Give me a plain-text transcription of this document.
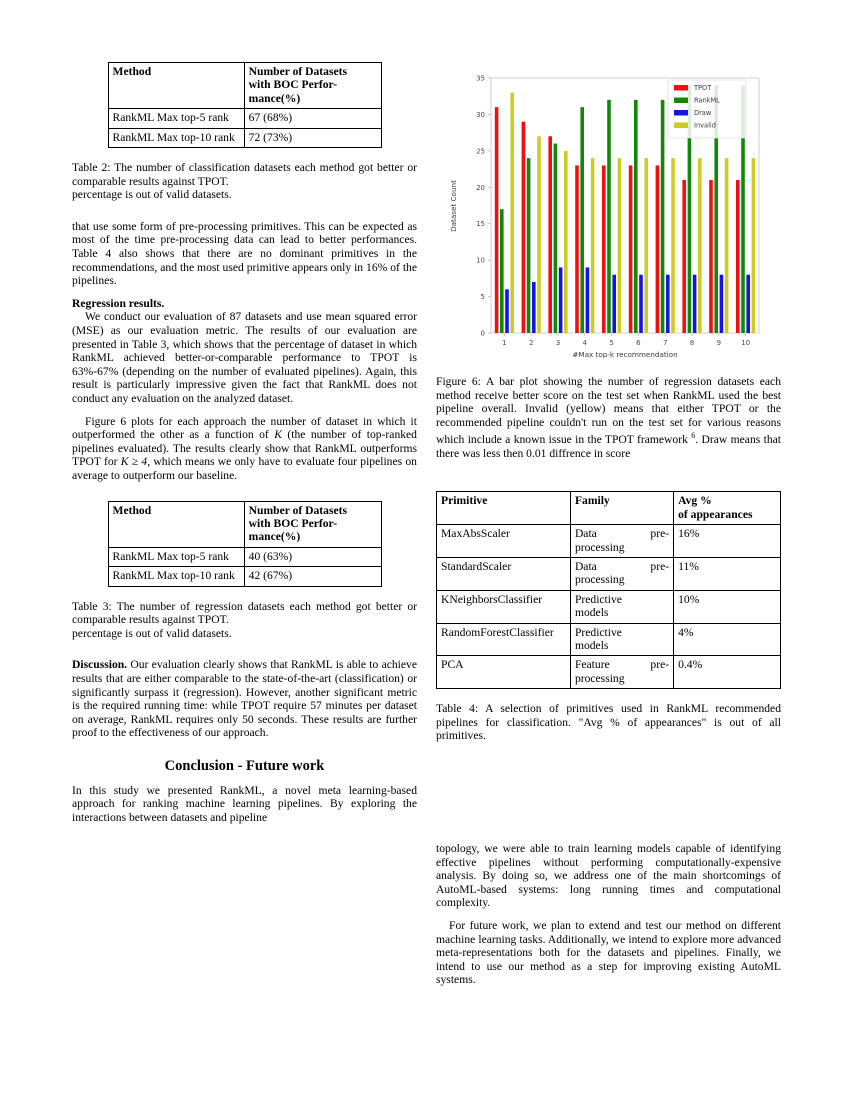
Method	Number of Datasets
with BOC Perfor-
mance(%)
RankML Max top-5 rank	67 (68%)
RankML Max top-10 rank	72 (73%)
Table 2: The number of classification datasets each method got better or comparable results against TPOT.
percentage is out of valid datasets.

that use some form of pre-processing primitives. This can be expected as most of the time pre-processing data can lead to better performances. Table 4 also shows that there are no dominant primitives in the recommendations, and the most used primitive appears only in 16% of the pipelines.

Regression results.

We conduct our evaluation of 87 datasets and use mean squared error (MSE) as our evaluation metric. The results of our evaluation are presented in Table 3, which shows that the percentage of dataset in which RankML achieved better-or-comparable performance to TPOT is 63%-67% (depending on the number of evaluated pipelines). Again, this result is particularly impressive given the fact that RankML does not conduct any evaluation on the analyzed dataset.

Figure 6 plots for each approach the number of dataset in which it outperformed the other as a function of K (the number of top-ranked pipelines evaluated). The results clearly show that RankML outperforms TPOT for K ≥ 4, which means we only have to evaluate four pipelines on average to outperform our baseline.

Method	Number of Datasets
with BOC Perfor-
mance(%)
RankML Max top-5 rank	40 (63%)
RankML Max top-10 rank	42 (67%)
Table 3: The number of regression datasets each method got better or comparable results against TPOT.
percentage is out of valid datasets.

Discussion. Our evaluation clearly shows that RankML is able to achieve results that are either comparable to the state-of-the-art (classification) or significantly surpass it (regression). However, another significant metric is the required running time: while TPOT require 57 minutes per dataset on average, RankML requires only 50 seconds. These results are further proof to the effectiveness of our approach.

Conclusion - Future work

In this study we presented RankML, a novel meta learning-based approach for ranking machine learning pipelines. By exploring the interactions between datasets and pipeline

0
5
10
15
20
25
30
35
1	2	3	4	5	6	7	8	9	10
TPOT
RankML
Draw
Invalid
Dataset Count
#Max top-k recommendation

Figure 6: A bar plot showing the number of regression datasets each method receive better score on the test set when RankML used the best pipeline overall. Invalid (yellow) means that either TPOT or the recommended pipeline couldn't run on the test set for various reasons which include a known issue in the TPOT framework $^6$. Draw means that there was less then 0.01 diffrence in score

Primitive	Family	Avg %
of appearances
MaxAbsScaler	Data pre-
processing	16%
StandardScaler	Data pre-
processing	11%
KNeighborsClassifier	Predictive
models	10%
RandomForestClassifier	Predictive
models	4%
PCA	Feature pre-
processing	0.4%

Table 4: A selection of primitives used in RankML recommended pipelines for classification. "Avg % of appearances" is out of all primitives.

topology, we were able to train learning models capable of identifying effective pipelines without performing computationally-expensive analysis. By doing so, we address one of the main shortcomings of AutoML-based systems: long running times and computational complexity.

For future work, we plan to extend and test our method on different machine learning tasks. Additionally, we intend to explore more advanced meta-representations both for the datasets and pipelines. Finally, we intend to use our method as a step for improving existing AutoML systems.
